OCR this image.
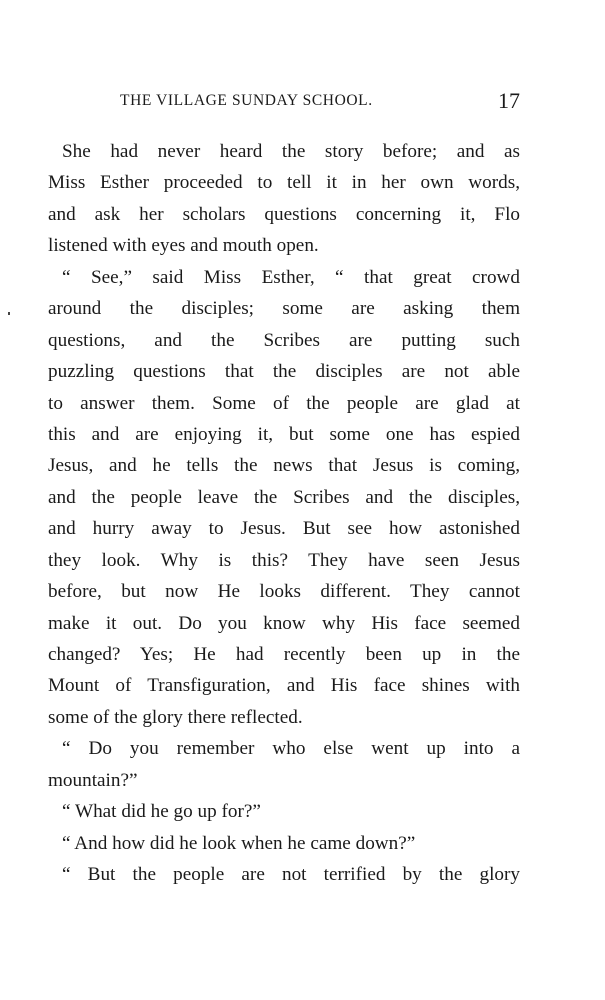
THE VILLAGE SUNDAY SCHOOL.	17
She had never heard the story before; and as
Miss Esther proceeded to tell it in her own words,
and ask her scholars questions concerning it, Flo
listened with eyes and mouth open.
“ See,” said Miss Esther, “ that great crowd
around the disciples; some are asking them
questions, and the Scribes are putting such
puzzling questions that the disciples are not able
to answer them. Some of the people are glad at
this and are enjoying it, but some one has espied
Jesus, and he tells the news that Jesus is coming,
and the people leave the Scribes and the disciples,
and hurry away to Jesus. But see how astonished
they look. Why is this? They have seen Jesus
before, but now He looks different. They cannot
make it out. Do you know why His face seemed
changed? Yes; He had recently been up in the
Mount of Transfiguration, and His face shines with
some of the glory there reflected.
“ Do you remember who else went up into a
mountain?”
“ What did he go up for?”
“ And how did he look when he came down?”
“ But the people are not terrified by the glory
